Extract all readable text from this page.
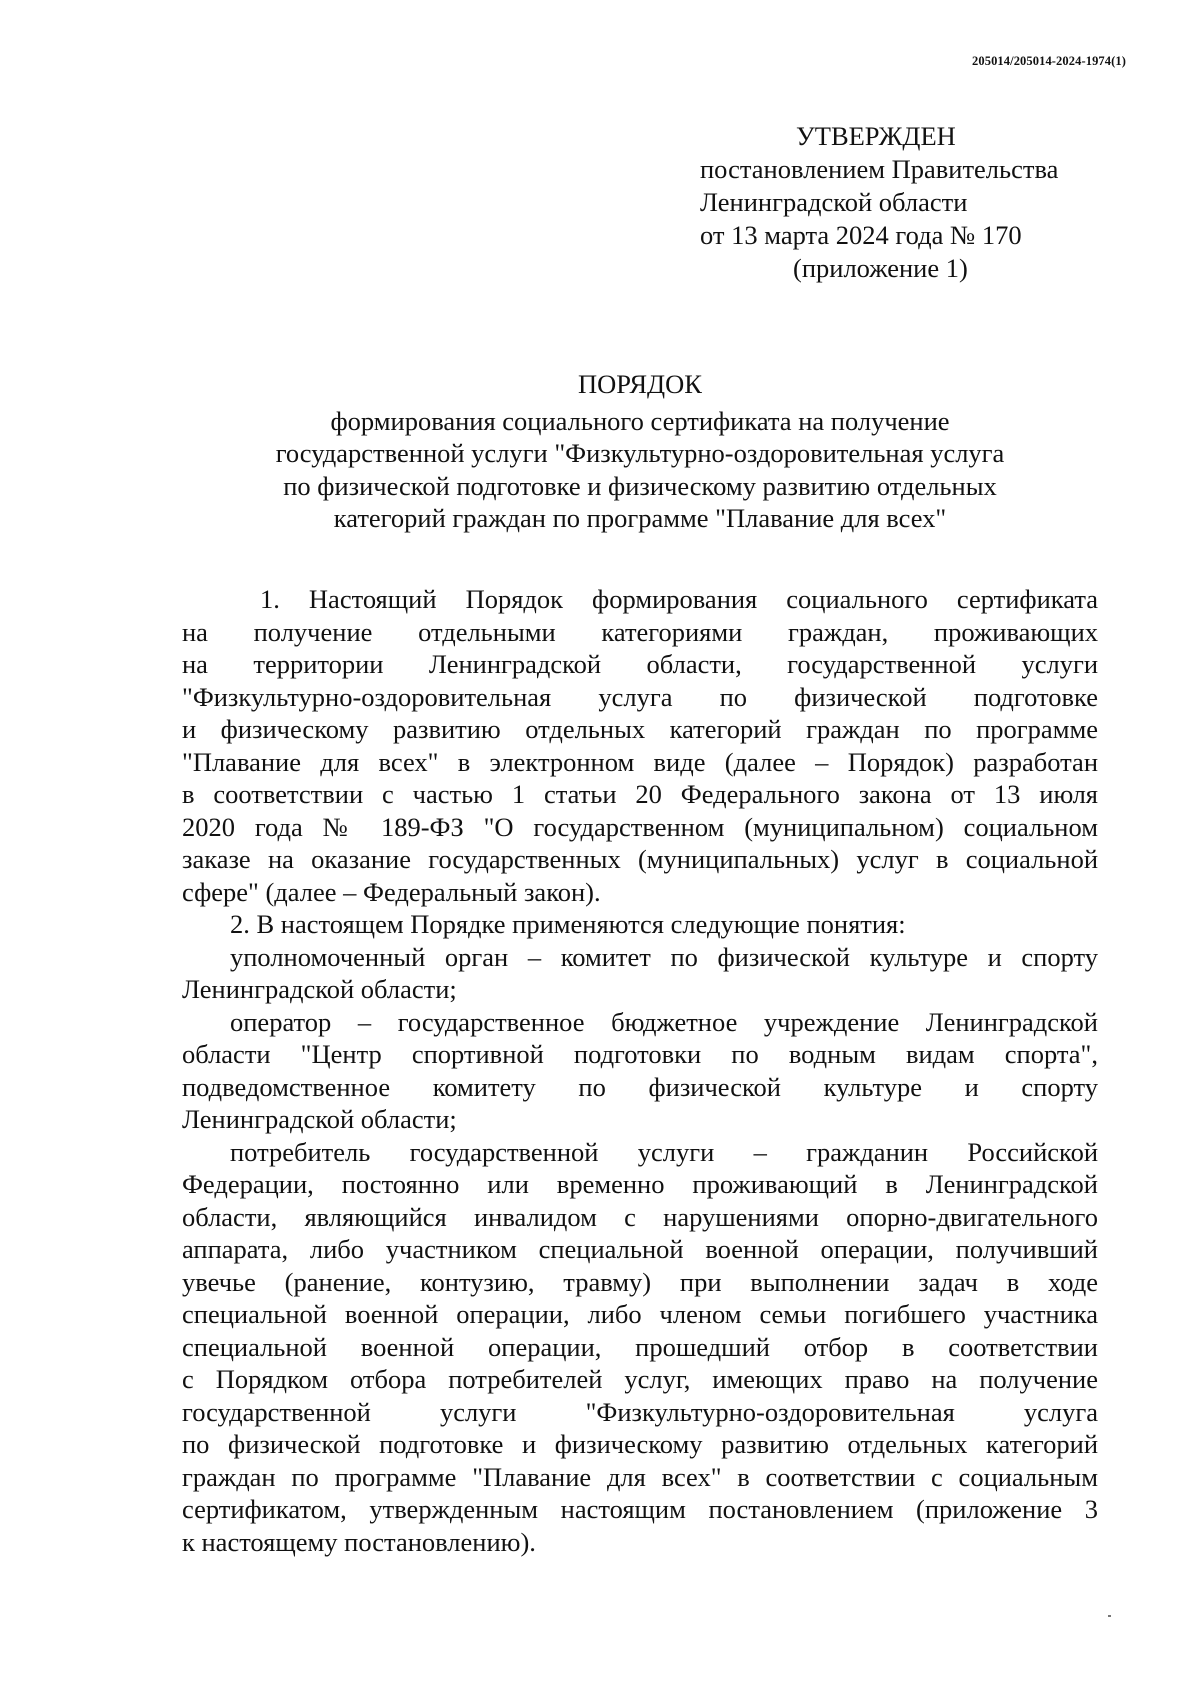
205014/205014-2024-1974(1)
УТВЕРЖДЕН
постановлением Правительства
Ленинградской области
от 13 марта 2024 года № 170
(приложение 1)
ПОРЯДОК
формирования социального сертификата на получение
государственной услуги "Физкультурно-оздоровительная услуга
по физической подготовке и физическому развитию отдельных
категорий граждан по программе "Плавание для всех"
1. Настоящий Порядок формирования социального сертификата
на получение отдельными категориями граждан, проживающих
на территории Ленинградской области, государственной услуги
"Физкультурно-оздоровительная услуга по физической подготовке
и физическому развитию отдельных категорий граждан по программе
"Плавание для всех" в электронном виде (далее – Порядок) разработан
в соответствии с частью 1 статьи 20 Федерального закона от 13 июля
2020 года № 189-ФЗ "О государственном (муниципальном) социальном
заказе на оказание государственных (муниципальных) услуг в социальной
сфере" (далее – Федеральный закон).
2. В настоящем Порядке применяются следующие понятия:
уполномоченный орган – комитет по физической культуре и спорту
Ленинградской области;
оператор – государственное бюджетное учреждение Ленинградской
области "Центр спортивной подготовки по водным видам спорта",
подведомственное комитету по физической культуре и спорту
Ленинградской области;
потребитель государственной услуги – гражданин Российской
Федерации, постоянно или временно проживающий в Ленинградской
области, являющийся инвалидом с нарушениями опорно-двигательного
аппарата, либо участником специальной военной операции, получивший
увечье (ранение, контузию, травму) при выполнении задач в ходе
специальной военной операции, либо членом семьи погибшего участника
специальной военной операции, прошедший отбор в соответствии
с Порядком отбора потребителей услуг, имеющих право на получение
государственной услуги "Физкультурно-оздоровительная услуга
по физической подготовке и физическому развитию отдельных категорий
граждан по программе "Плавание для всех" в соответствии с социальным
сертификатом, утвержденным настоящим постановлением (приложение 3
к настоящему постановлению).
